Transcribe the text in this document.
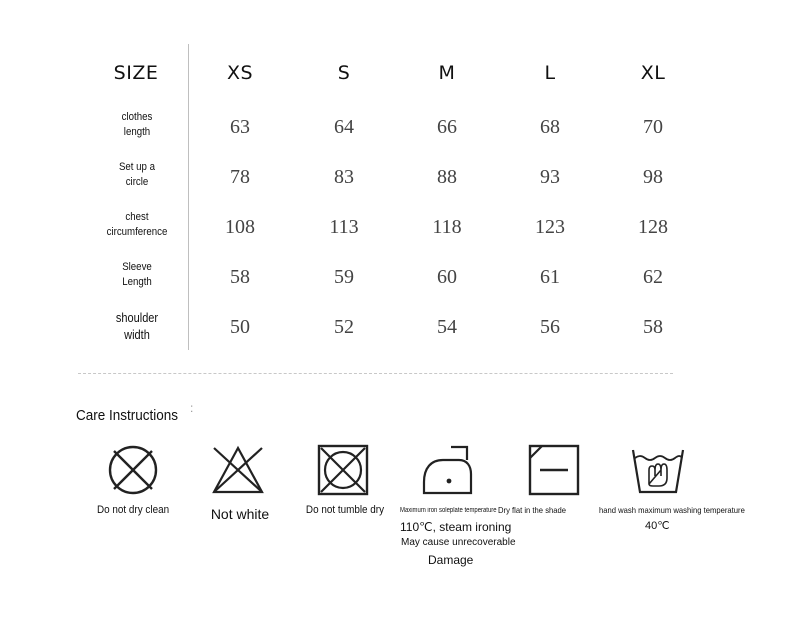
SIZE	XS	S	M	L	XL
clothes
length	63	64	66	68	70
Set up a
circle	78	83	88	93	98
chest
circumference	108	113	118	123	128
Sleeve
Length	58	59	60	61	62
shoulder
width	50	52	54	56	58
Care Instructions :
Do not dry clean	Not white	Do not tumble dry	Maximum iron soleplate temperature
110℃, steam ironing
May cause unrecoverable
Damage
Dry flat in the shade	hand wash maximum washing temperature
40℃
